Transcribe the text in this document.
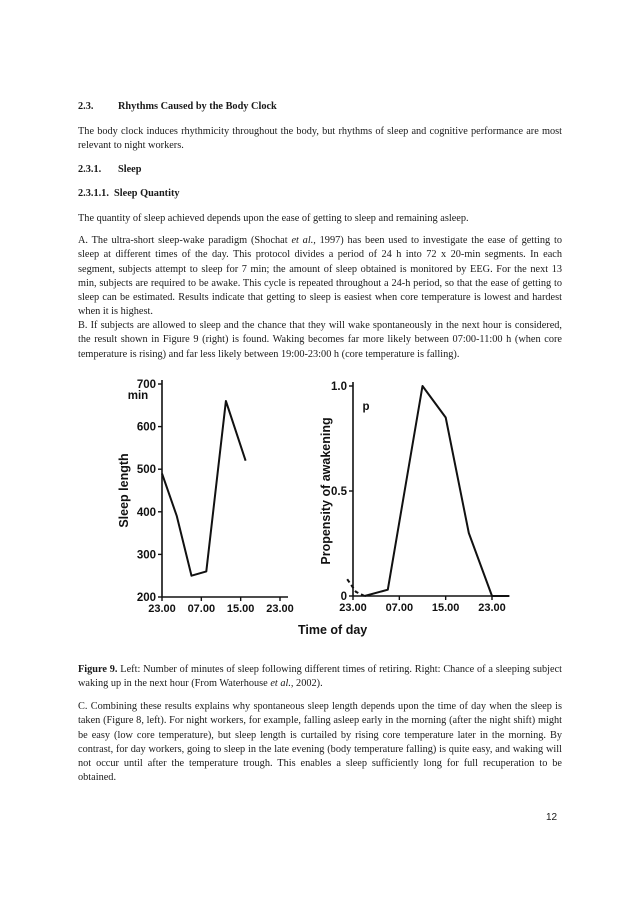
2.3. Rhythms Caused by the Body Clock
The body clock induces rhythmicity throughout the body, but rhythms of sleep and cognitive performance are most relevant to night workers.
2.3.1. Sleep
2.3.1.1. Sleep Quantity
The quantity of sleep achieved depends upon the ease of getting to sleep and remaining asleep.
A. The ultra-short sleep-wake paradigm (Shochat et al., 1997) has been used to investigate the ease of getting to sleep at different times of the day. This protocol divides a period of 24 h into 72 x 20-min segments. In each segment, subjects attempt to sleep for 7 min; the amount of sleep obtained is monitored by EEG. For the next 13 min, subjects are required to be awake. This cycle is repeated throughout a 24-h period, so that the ease of getting to sleep can be estimated. Results indicate that getting to sleep is easiest when core temperature is lowest and hardest when it is highest.
B. If subjects are allowed to sleep and the chance that they will wake spontaneously in the next hour is considered, the result shown in Figure 9 (right) is found. Waking becomes far more likely between 07:00-11:00 h (when core temperature is rising) and far less likely between 19:00-23:00 h (core temperature is falling).
200
300
400
500
600
700
min
23.00 07.00 15.00 23.00
Sleep length
0
0.5
1.0
p
23.00 07.00 15.00 23.00
Propensity of awakening
Time of day
Figure 9. Left: Number of minutes of sleep following different times of retiring. Right: Chance of a sleeping subject waking up in the next hour (From Waterhouse et al., 2002).
C. Combining these results explains why spontaneous sleep length depends upon the time of day when the sleep is taken (Figure 8, left). For night workers, for example, falling asleep early in the morning (after the night shift) might be easy (low core temperature), but sleep length is curtailed by rising core temperature later in the morning. By contrast, for day workers, going to sleep in the late evening (body temperature falling) is quite easy, and waking will not occur until after the temperature trough. This enables a sleep sufficiently long for full recuperation to be obtained.
12
